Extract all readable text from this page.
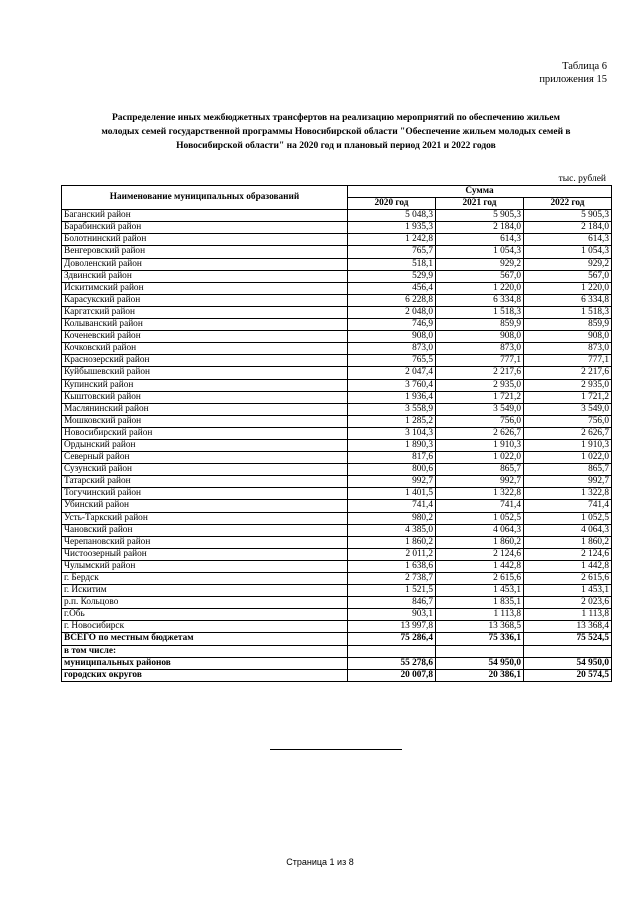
Таблица 6
приложения 15
Распределение иных межбюджетных трансфертов на реализацию мероприятий по обеспечению жильем
молодых семей государственной программы Новосибирской области "Обеспечение жильем молодых семей в
Новосибирской области" на 2020 год и плановый период 2021 и 2022 годов
тыс. рублей
Наименование муниципальных образований	Сумма		
	2020 год	2021 год	2022 год
Баганский район	5 048,3	5 905,3	5 905,3
Барабинский район	1 935,3	2 184,0	2 184,0
Болотнинский район	1 242,8	614,3	614,3
Венгеровский район	765,7	1 054,3	1 054,3
Доволенский район	518,1	929,2	929,2
Здвинский район	529,9	567,0	567,0
Искитимский район	456,4	1 220,0	1 220,0
Карасукский район	6 228,8	6 334,8	6 334,8
Каргатский район	2 048,0	1 518,3	1 518,3
Колыванский район	746,9	859,9	859,9
Коченевский район	908,0	908,0	908,0
Кочковский район	873,0	873,0	873,0
Краснозерский район	765,5	777,1	777,1
Куйбышевский район	2 047,4	2 217,6	2 217,6
Купинский район	3 760,4	2 935,0	2 935,0
Кыштовский район	1 936,4	1 721,2	1 721,2
Маслянинский район	3 558,9	3 549,0	3 549,0
Мошковский район	1 285,2	756,0	756,0
Новосибирский район	3 104,3	2 626,7	2 626,7
Ордынский район	1 890,3	1 910,3	1 910,3
Северный район	817,6	1 022,0	1 022,0
Сузунский район	800,6	865,7	865,7
Татарский район	992,7	992,7	992,7
Тогучинский район	1 401,5	1 322,8	1 322,8
Убинский район	741,4	741,4	741,4
Усть-Таркский район	980,2	1 052,5	1 052,5
Чановский район	4 385,0	4 064,3	4 064,3
Черепановский район	1 860,2	1 860,2	1 860,2
Чистоозерный район	2 011,2	2 124,6	2 124,6
Чулымский район	1 638,6	1 442,8	1 442,8
г. Бердск	2 738,7	2 615,6	2 615,6
г. Искитим	1 521,5	1 453,1	1 453,1
р.п. Кольцово	846,7	1 835,1	2 023,6
г.Обь	903,1	1 113,8	1 113,8
г. Новосибирск	13 997,8	13 368,5	13 368,4
ВСЕГО по местным бюджетам	75 286,4	75 336,1	75 524,5
в том числе:			
муниципальных районов	55 278,6	54 950,0	54 950,0
городских округов	20 007,8	20 386,1	20 574,5
Страница 1 из 8
